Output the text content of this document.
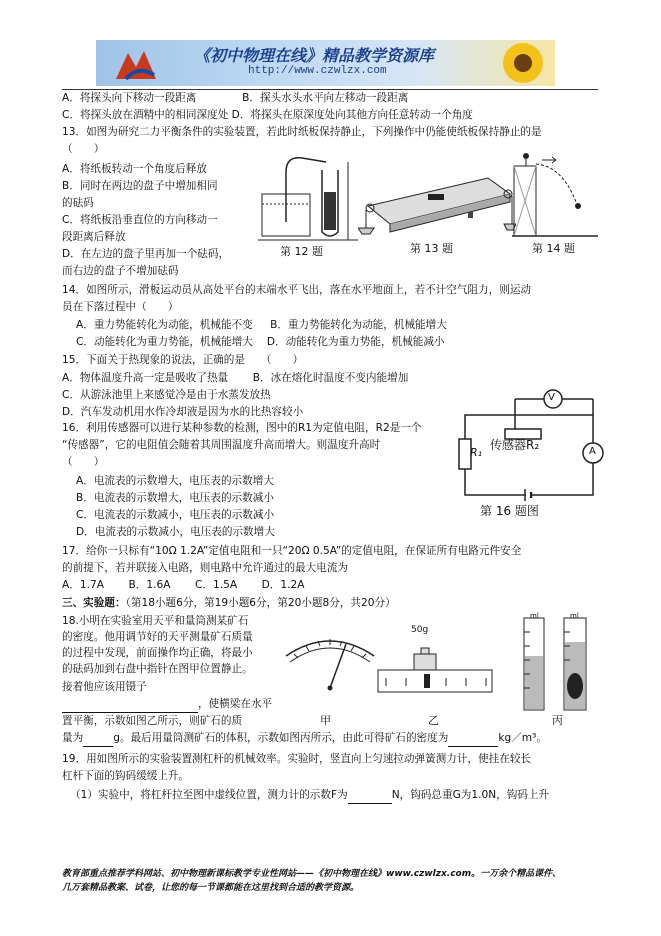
《初中物理在线》精品教学资源库
http://www.czwlzx.com
A．将探头向下移动一段距离 　　　　B．探头水头水平向左移动一段距离
C．将探头放在酒精中的相同深度处 D．将探头在原深度处向其他方向任意转动一个角度
13．如图为研究二力平衡条件的实验装置，若此时纸板保持静止，下列操作中仍能使纸板保持静止的是
（　　）
A．将纸板转动一个角度后释放
B．同时在两边的盘子中增加相同
的砝码
C．将纸板沿垂直位的方向移动一
段距离后释放
D．在左边的盘子里再加一个砝码，
而右边的盘子不增加砝码
第 12 题	第 13 题	第 14 题
14．如图所示，滑板运动员从高处平台的末端水平飞出，落在水平地面上，若不计空气阻力，则运动
员在下落过程中（　　）
A．重力势能转化为动能，机械能不变 　 B．重力势能转化为动能，机械能增大
C．动能转化为重力势能，机械能增大　 D．动能转化为重力势能，机械能减小
15．下面关于热现象的说法，正确的是　　（　　）
A．物体温度升高一定是吸收了热量　　 B．冰在熔化时温度不变内能增加
C．从游泳池里上来感觉冷是由于水蒸发放热
D．汽车发动机用水作冷却液是因为水的比热容较小
16．利用传感器可以进行某种参数的检测，图中的R1为定值电阻，R2是一个
“传感器”，它的电阻值会随着其周围温度升高而增大。则温度升高时
（　　）
A．电流表的示数增大，电压表的示数增大
B．电流表的示数增大，电压表的示数减小
C．电流表的示数减小，电压表的示数减小
D．电流表的示数减小，电压表的示数增大
V
A
传感器R₂
R₁
第 16 题图
17．给你一只标有“10Ω 1.2A”定值电阻和一只“20Ω 0.5A”的定值电阻，在保证所有电路元件安全
的前提下，若并联接入电路，则电路中允许通过的最大电流为
A．1.7A　　 B．1.6A　　 C．1.5A　　 D．1.2A
三、实验题：（第18小题6分，第19小题6分，第20小题8分，共20分）
18.小明在实验室用天平和量筒测某矿石
的密度。他用调节好的天平测量矿石质量
的过程中发现，前面操作均正确，将最小
的砝码加到右盘中指针在图甲位置静止。
接着他应该用镊子
，使横梁在水平
置平衡，示数如图乙所示，则矿石的质
量为	g。最后用量筒测矿石的体积，示数如图丙所示，由此可得矿石的密度为	kg／m³。
甲
50g
乙
ml	ml
丙
19．用如图所示的实验装置测杠杆的机械效率。实验时，竖直向上匀速拉动弹簧测力计，使挂在较长
杠杆下面的钩码缓缓上升。
（1）实验中，将杠杆拉至图中虚线位置，测力计的示数F为	N，钩码总重G为1.0N，钩码上升
教育部重点推荐学科网站、初中物理新课标教学专业性网站——《初中物理在线》www.czwlzx.com。一万余个精品课件、
几万套精品教案、试卷，让您的每一节课都能在这里找到合适的教学资源。
